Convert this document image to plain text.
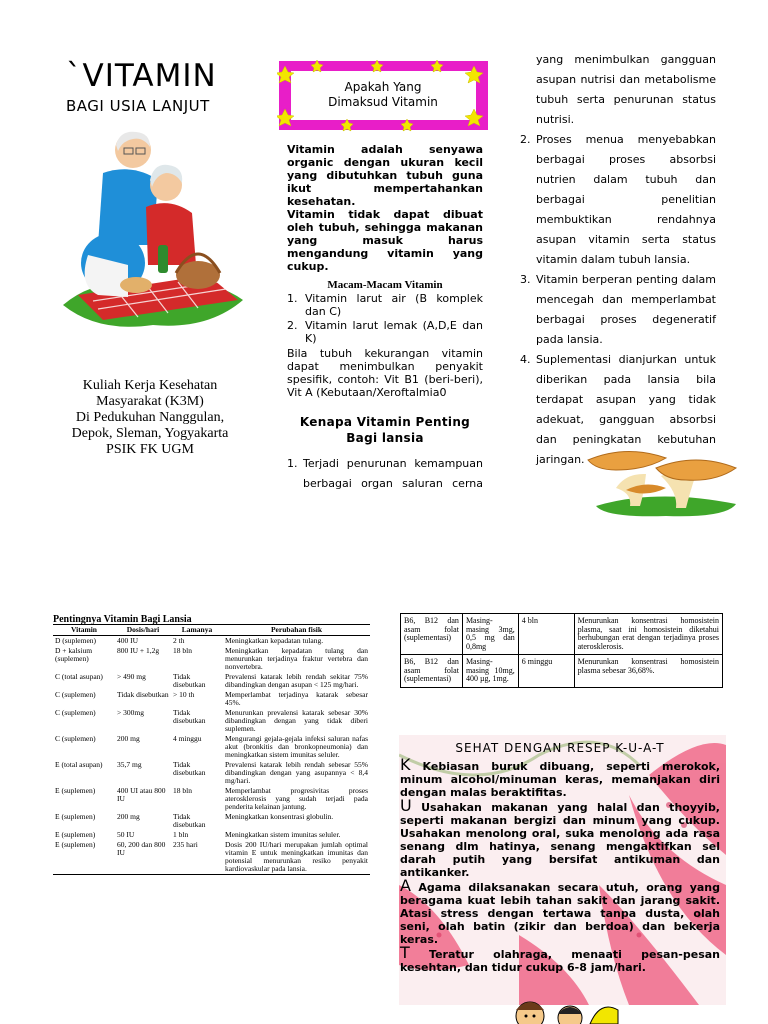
`VITAMIN
BAGI USIA LANJUT
Kuliah Kerja Kesehatan
Masyarakat (K3M)
Di Pedukuhan Nanggulan,
Depok, Sleman, Yogyakarta
PSIK FK UGM
Apakah Yang
Dimaksud Vitamin

Vitamin adalah senyawa organic dengan ukuran kecil yang dibutuhkan tubuh guna ikut mempertahankan kesehatan.

Vitamin tidak dapat dibuat oleh tubuh, sehingga makanan yang masuk harus mengandung vitamin yang cukup.

Macam-Macam Vitamin
1. Vitamin larut air (B komplek dan C)
2. Vitamin larut lemak (A,D,E dan K)
Bila tubuh kekurangan vitamin dapat menimbulkan penyakit spesifik, contoh: Vit B1 (beri-beri), Vit A (Kebutaan/Xeroftalmia0
Kenapa Vitamin Penting
Bagi lansia
1. Terjadi penurunan kemampuan berbagai organ saluran cerna
yang menimbulkan gangguan asupan nutrisi dan metabolisme tubuh serta penurunan status nutrisi.
2. Proses menua menyebabkan berbagai proses absorbsi nutrien dalam tubuh dan berbagai penelitian membuktikan rendahnya asupan vitamin serta status vitamin dalam tubuh lansia.
3. Vitamin berperan penting dalam mencegah dan memperlambat berbagai proses degeneratif pada lansia.
4. Suplementasi dianjurkan untuk diberikan pada lansia bila terdapat asupan yang tidak adekuat, gangguan absorbsi dan peningkatan kebutuhan jaringan.
Pentingnya Vitamin Bagi Lansia
Vitamin	Dosis/hari	Lamanya	Perubahan fisik
D (suplemen)	400 IU	2 th	Meningkatkan kepadatan tulang.
D + kalsium (suplemen)	800 IU + 1,2g	18 bln	Meningkatkan kepadatan tulang dan menurunkan terjadinya fraktur vertebra dan nonvertebra.
C (total asupan)	> 490 mg	Tidak disebutkan	Prevalensi katarak lebih rendah sekitar 75% dibandingkan dengan asupan < 125 mg/hari.
C (suplemen)	Tidak disebutkan	> 10 th	Memperlambat terjadinya katarak sebesar 45%.
C (suplemen)	> 300mg	Tidak disebutkan	Menurunkan prevalensi katarak sebesar 30% dibandingkan dengan yang tidak diberi suplemen.
C (suplemen)	200 mg	4 minggu	Mengurangi gejala-gejala infeksi saluran nafas akut (bronkitis dan bronkopneumonia) dan meningkatkan sistem imunitas seluler.
E (total asupan)	35,7 mg	Tidak disebutkan	Prevalensi katarak lebih rendah sebesar 55% dibandingkan dengan yang asupannya < 8,4 mg/hari.
E (suplemen)	400 UI atau 800 IU	18 bln	Memperlambat progresivitas proses aterosklerosis yang sudah terjadi pada penderita kelainan jantung.
E (suplemen)	200 mg	Tidak disebutkan	Meningkatkan konsentrasi globulin.
E (suplemen)	50 IU	1 bln	Meningkatkan sistem imunitas seluler.
E (suplemen)	60, 200 dan 800 IU	235 hari	Dosis 200 IU/hari merupakan jumlah optimal vitamin E untuk meningkatkan imunitas dan potensial menurunkan resiko penyakit kardiovaskular pada lansia.
B6, B12 dan asam folat (suplementasi)	Masing-masing 3mg, 0,5 mg dan 0,8mg	4 bln	Menurunkan konsentrasi homosistein plasma, saat ini homosistein diketahui berhubungan erat dengan terjadinya proses aterosklerosis.
B6, B12 dan asam folat (suplementasi)	Masing-masing 10mg, 400 µg, 1mg.	6 minggu	Menurunkan konsentrasi homosistein plasma sebesar 36,68%.
SEHAT DENGAN RESEP K-U-A-T
K Kebiasan buruk dibuang, seperti merokok, minum alcohol/minuman keras, memanjakan diri dengan malas beraktifitas.
U Usahakan makanan yang halal dan thoyyib, seperti makanan bergizi dan minum yang cukup. Usahakan menolong oral, suka menolong ada rasa senang dlm hatinya, senang mengaktifkan sel darah putih yang bersifat antikuman dan antikanker.
A Agama dilaksanakan secara utuh, orang yang beragama kuat lebih tahan sakit dan jarang sakit. Atasi stress dengan tertawa tanpa dusta, olah seni, olah batin (zikir dan berdoa) dan bekerja keras.
T Teratur olahraga, menaati pesan-pesan kesehtan, dan tidur cukup 6-8 jam/hari.
